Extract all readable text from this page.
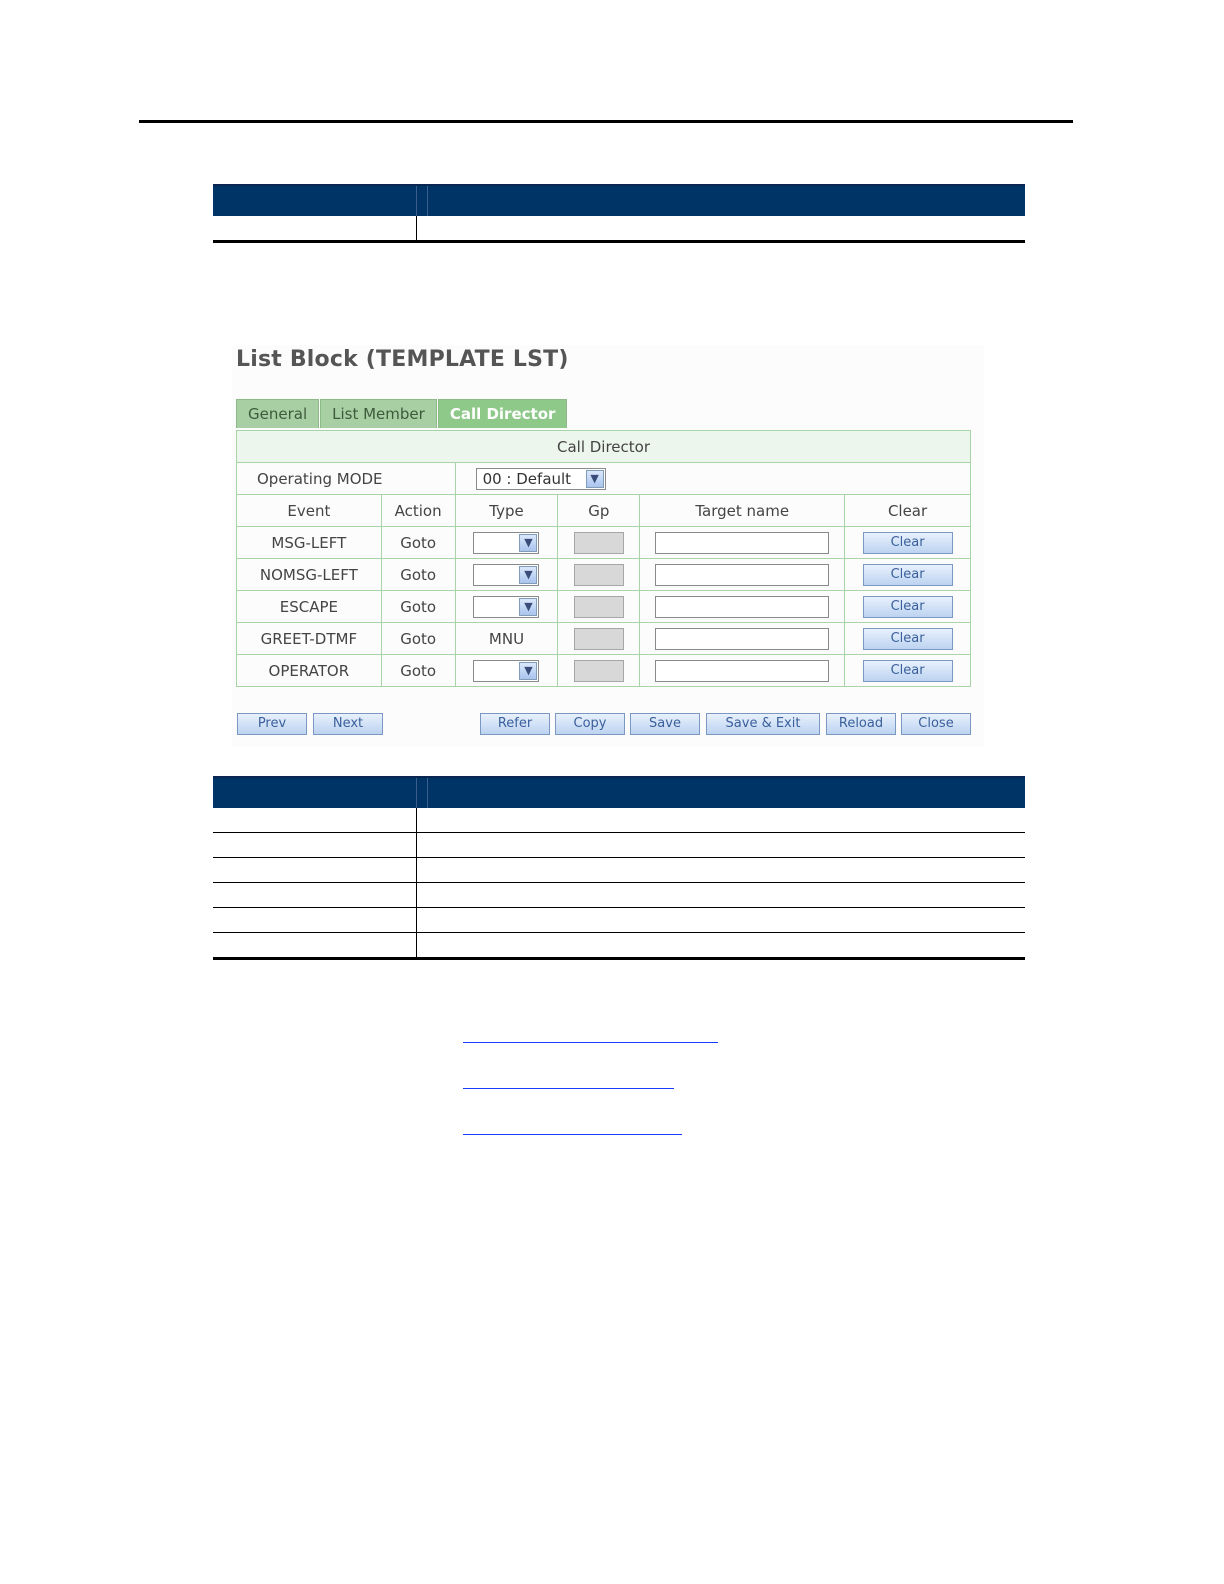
List Block (TEMPLATE LST)
General	List Member	Call Director
Call Director					
Operating MODE		00 : Default ▼			

Event	Action	Type	Gp	Target name	Clear
MSG-LEFT	Goto	▼			Clear
NOMSG-LEFT	Goto	▼			Clear
ESCAPE	Goto	▼			Clear
GREET-DTMF	Goto	MNU			Clear
OPERATOR	Goto	▼			Clear
Prev	Next	Refer	Copy	Save	Save & Exit	Reload	Close
